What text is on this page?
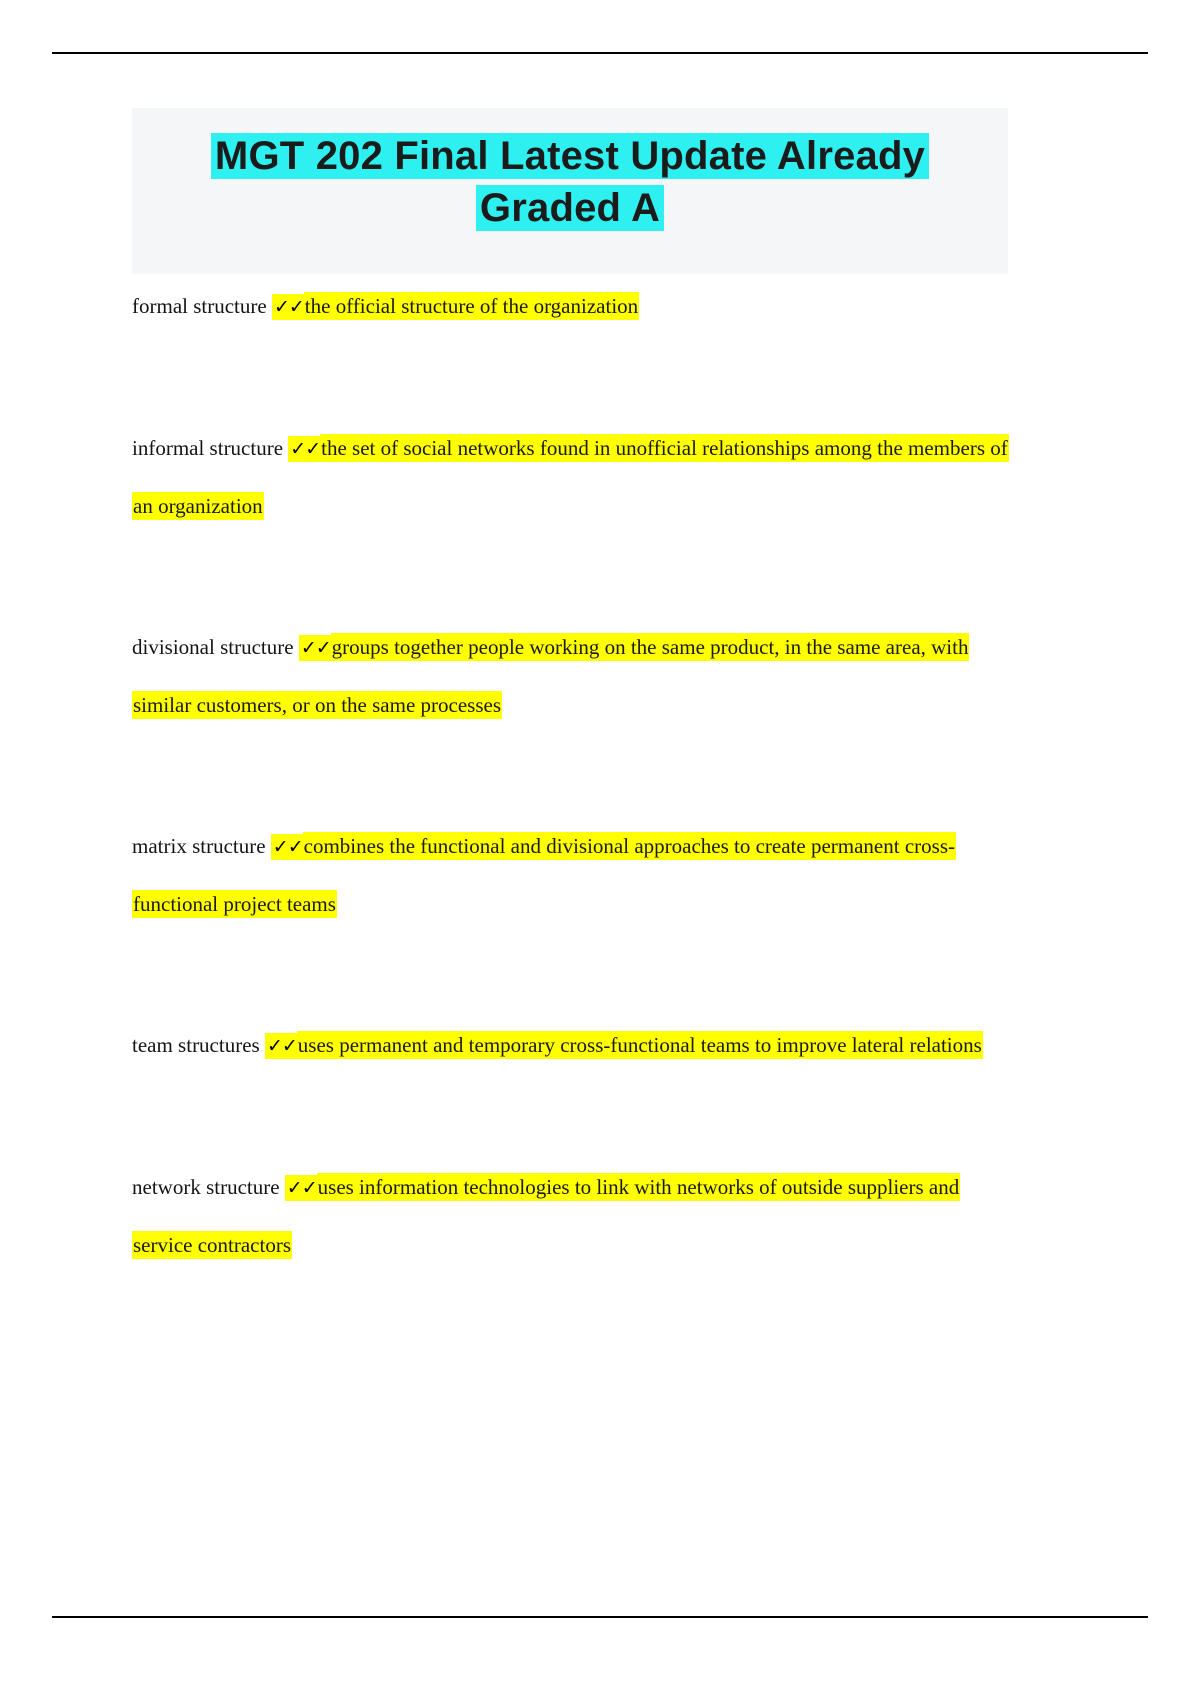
MGT 202 Final Latest Update Already
Graded A
formal structure ✓✓the official structure of the organization
informal structure ✓✓the set of social networks found in unofficial relationships among the members of an organization
divisional structure ✓✓groups together people working on the same product, in the same area, with similar customers, or on the same processes
matrix structure ✓✓combines the functional and divisional approaches to create permanent cross-functional project teams
team structures ✓✓uses permanent and temporary cross-functional teams to improve lateral relations
network structure ✓✓uses information technologies to link with networks of outside suppliers and service contractors
